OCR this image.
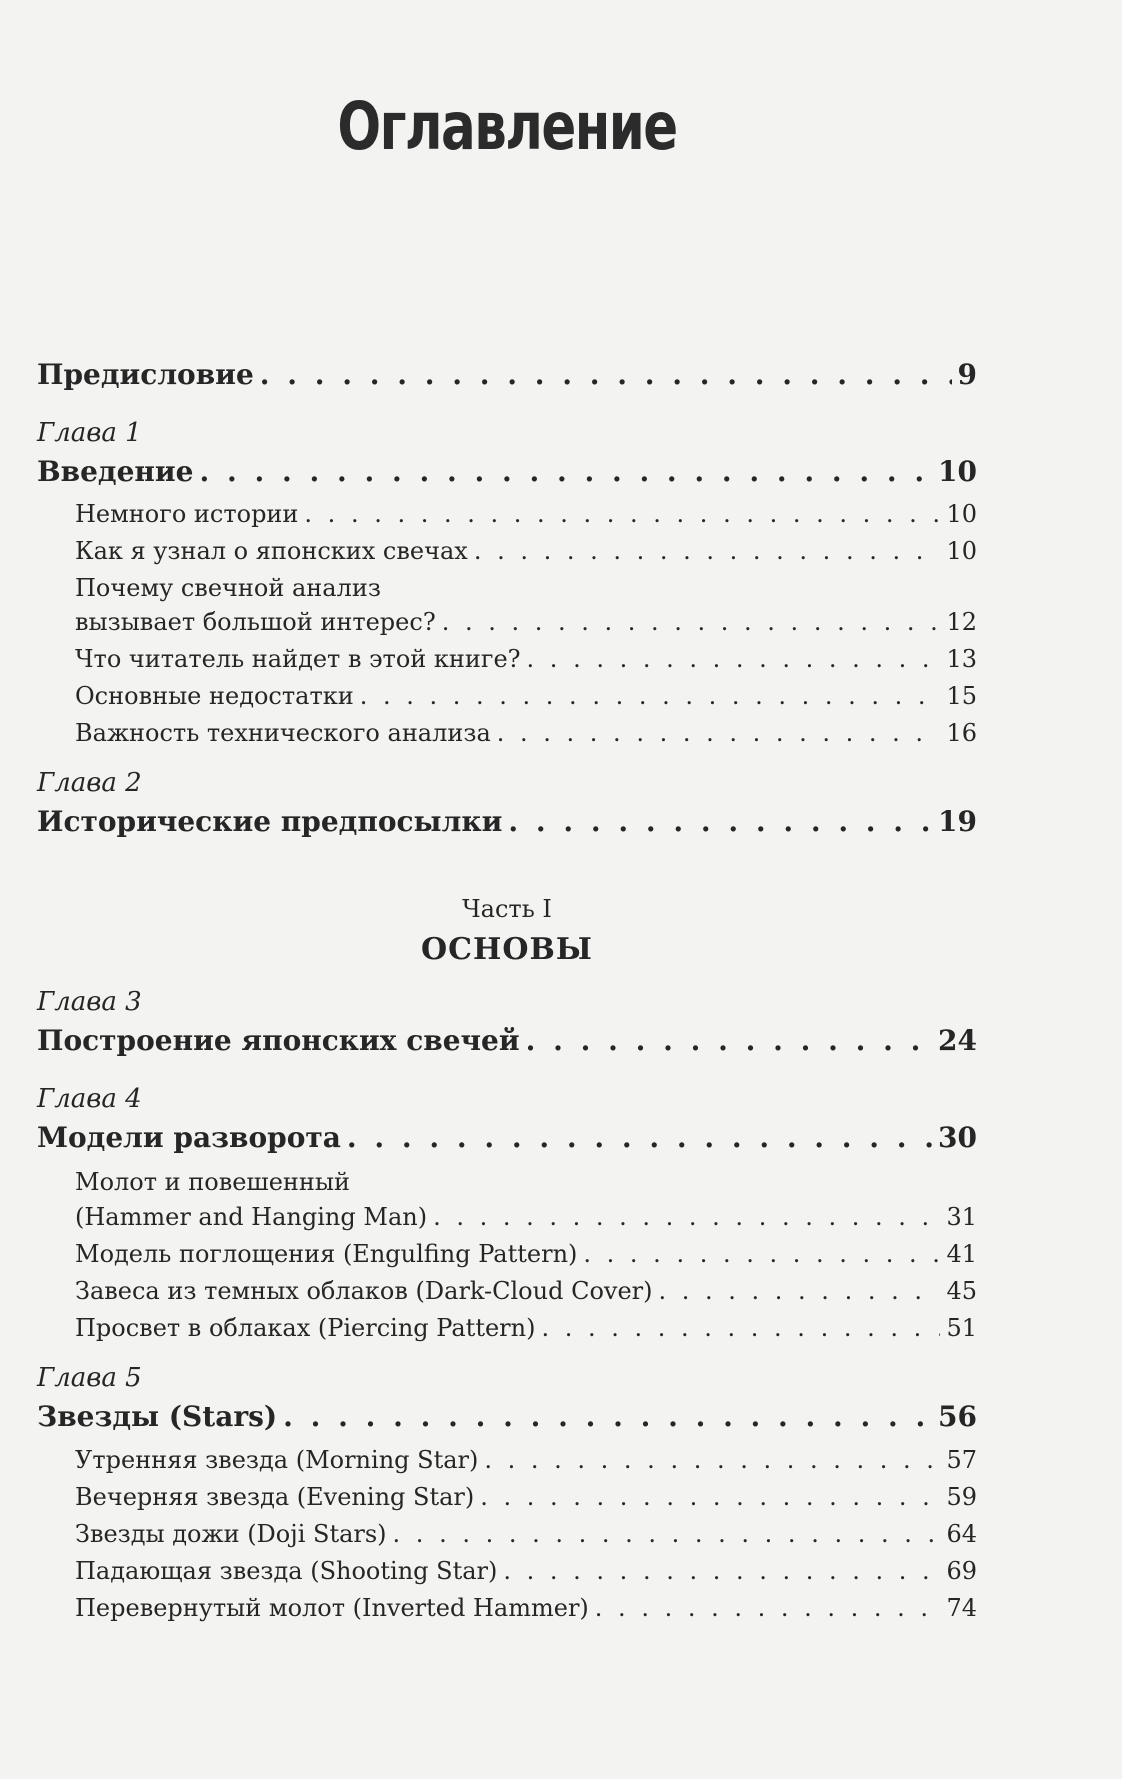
Оглавление
Предисловие . . .	9

Глава 1

Введение . . .	10
Немного истории . . .	10
Как я узнал о японских свечах . . .	10
Почему свечной анализ
вызывает большой интерес? . . .	12
Что читатель найдет в этой книге? . . .	13
Основные недостатки . . .	15
Важность технического анализа . . .	16

Глава 2

Исторические предпосылки . . .	19
Часть I
ОСНОВЫ

Глава 3

Построение японских свечей . . .	24

Глава 4

Модели разворота . . .	30
Молот и повешенный
(Hammer and Hanging Man) . . .	31
Модель поглощения (Engulfing Pattern) . . .	41
Завеса из темных облаков (Dark-Cloud Cover) . . .	45
Просвет в облаках (Piercing Pattern) . . .	51

Глава 5

Звезды (Stars) . . .	56
Утренняя звезда (Morning Star) . . .	57
Вечерняя звезда (Evening Star) . . .	59
Звезды дожи (Doji Stars) . . .	64
Падающая звезда (Shooting Star) . . .	69
Перевернутый молот (Inverted Hammer) . . .	74
